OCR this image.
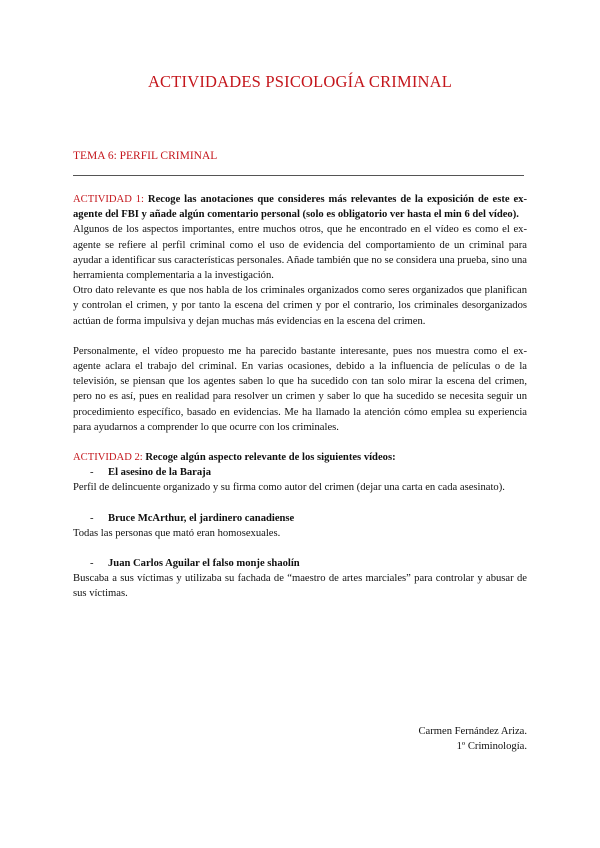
ACTIVIDADES PSICOLOGÍA CRIMINAL
TEMA 6: PERFIL CRIMINAL

ACTIVIDAD 1: Recoge las anotaciones que consideres más relevantes de la exposición de este ex-agente del FBI y añade algún comentario personal (solo es obligatorio ver hasta el min 6 del vídeo).

Algunos de los aspectos importantes, entre muchos otros, que he encontrado en el vídeo es como el ex-agente se refiere al perfil criminal como el uso de evidencia del comportamiento de un criminal para ayudar a identificar sus características personales. Añade también que no se considera una prueba, sino una herramienta complementaria a la investigación.

Otro dato relevante es que nos habla de los criminales organizados como seres organizados que planifican y controlan el crimen, y por tanto la escena del crimen y por el contrario, los criminales desorganizados actúan de forma impulsiva y dejan muchas más evidencias en la escena del crimen.

Personalmente, el vídeo propuesto me ha parecido bastante interesante, pues nos muestra como el ex-agente aclara el trabajo del criminal. En varias ocasiones, debido a la influencia de películas o de la televisión, se piensan que los agentes saben lo que ha sucedido con tan solo mirar la escena del crimen, pero no es así, pues en realidad para resolver un crimen y saber lo que ha sucedido se necesita seguir un procedimiento específico, basado en evidencias. Me ha llamado la atención cómo emplea su experiencia para ayudarnos a comprender lo que ocurre con los criminales.

ACTIVIDAD 2: Recoge algún aspecto relevante de los siguientes vídeos:

- El asesino de la Baraja

Perfil de delincuente organizado y su firma como autor del crimen (dejar una carta en cada asesinato).

- Bruce McArthur, el jardinero canadiense

Todas las personas que mató eran homosexuales.

- Juan Carlos Aguilar el falso monje shaolín

Buscaba a sus víctimas y utilizaba su fachada de “maestro de artes marciales” para controlar y abusar de sus víctimas.

Carmen Fernández Ariza.
1º Criminología.
